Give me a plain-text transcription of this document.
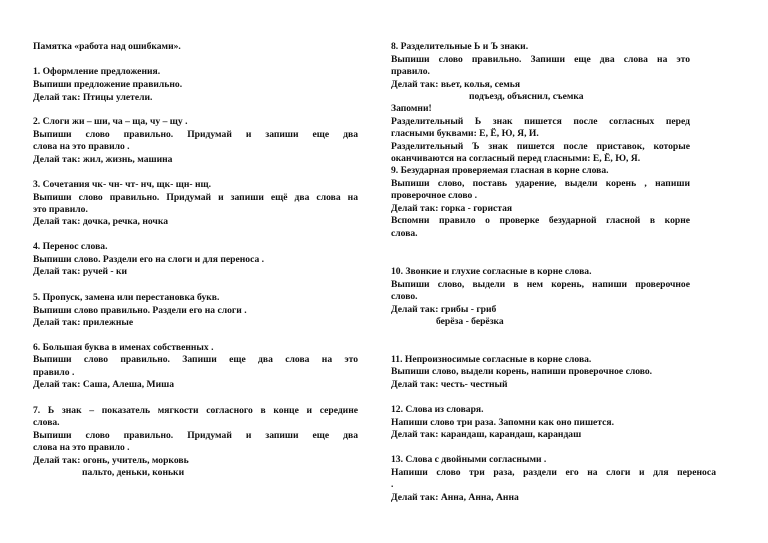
Памятка «работа над ошибками».
1. Оформление предложения.
Выпиши предложение правильно.
Делай так: Птицы улетели.
2. Слоги жи – ши, ча – ща, чу – щу .
Выпиши слово правильно. Придумай и запиши еще два
слова на это правило .
Делай так: жил, жизнь, машина
3. Сочетания чк- чн- чт- нч, щк- щн- нщ.
Выпиши слово правильно. Придумай и запиши ещё два слова на
это правило.
Делай так: дочка, речка, ночка
4. Перенос слова.
Выпиши слово. Раздели его на слоги и для переноса .
Делай так: ручей - ки
5. Пропуск, замена или перестановка букв.
Выпиши слово правильно. Раздели его на слоги .
Делай так: прилежные
6. Большая буква в именах собственных .
Выпиши слово правильно. Запиши еще два слова на это
правило .
Делай так: Саша, Алеша, Миша
7. Ь знак – показатель мягкости согласного в конце и середине
слова.
Выпиши слово правильно. Придумай и запиши еще два
слова на это правило .
Делай так: огонь, учитель, морковь
пальто, деньки, коньки
8. Разделительные Ь и Ъ знаки.
Выпиши слово правильно. Запиши еще два слова на это
правило.
Делай так: вьет, колья, семья
подъезд, объяснил, съемка
Запомни!
Разделительный Ь знак пишется после согласных перед
гласными буквами: Е, Ё, Ю, Я, И.
Разделительный Ъ знак пишется после приставок, которые
оканчиваются на согласный перед гласными: Е, Ё, Ю, Я.
9. Безударная проверяемая гласная в корне слова.
Выпиши слово, поставь ударение, выдели корень , напиши
проверочное слово .
Делай так: горка - гористая
Вспомни правило о проверке безударной гласной в корне
слова.
10. Звонкие и глухие согласные в корне слова.
Выпиши слово, выдели в нем корень, напиши проверочное
слово.
Делай так: грибы - гриб
берёза - берёзка
11. Непроизносимые согласные в корне слова.
Выпиши слово, выдели корень, напиши проверочное слово.
Делай так: честь- честный
12. Слова из словаря.
Напиши слово три раза. Запомни как оно пишется.
Делай так: карандаш, карандаш, карандаш
13. Слова с двойными согласными .
Напиши слово три раза, раздели его на слоги и для переноса
.
Делай так: Анна, Анна, Анна
